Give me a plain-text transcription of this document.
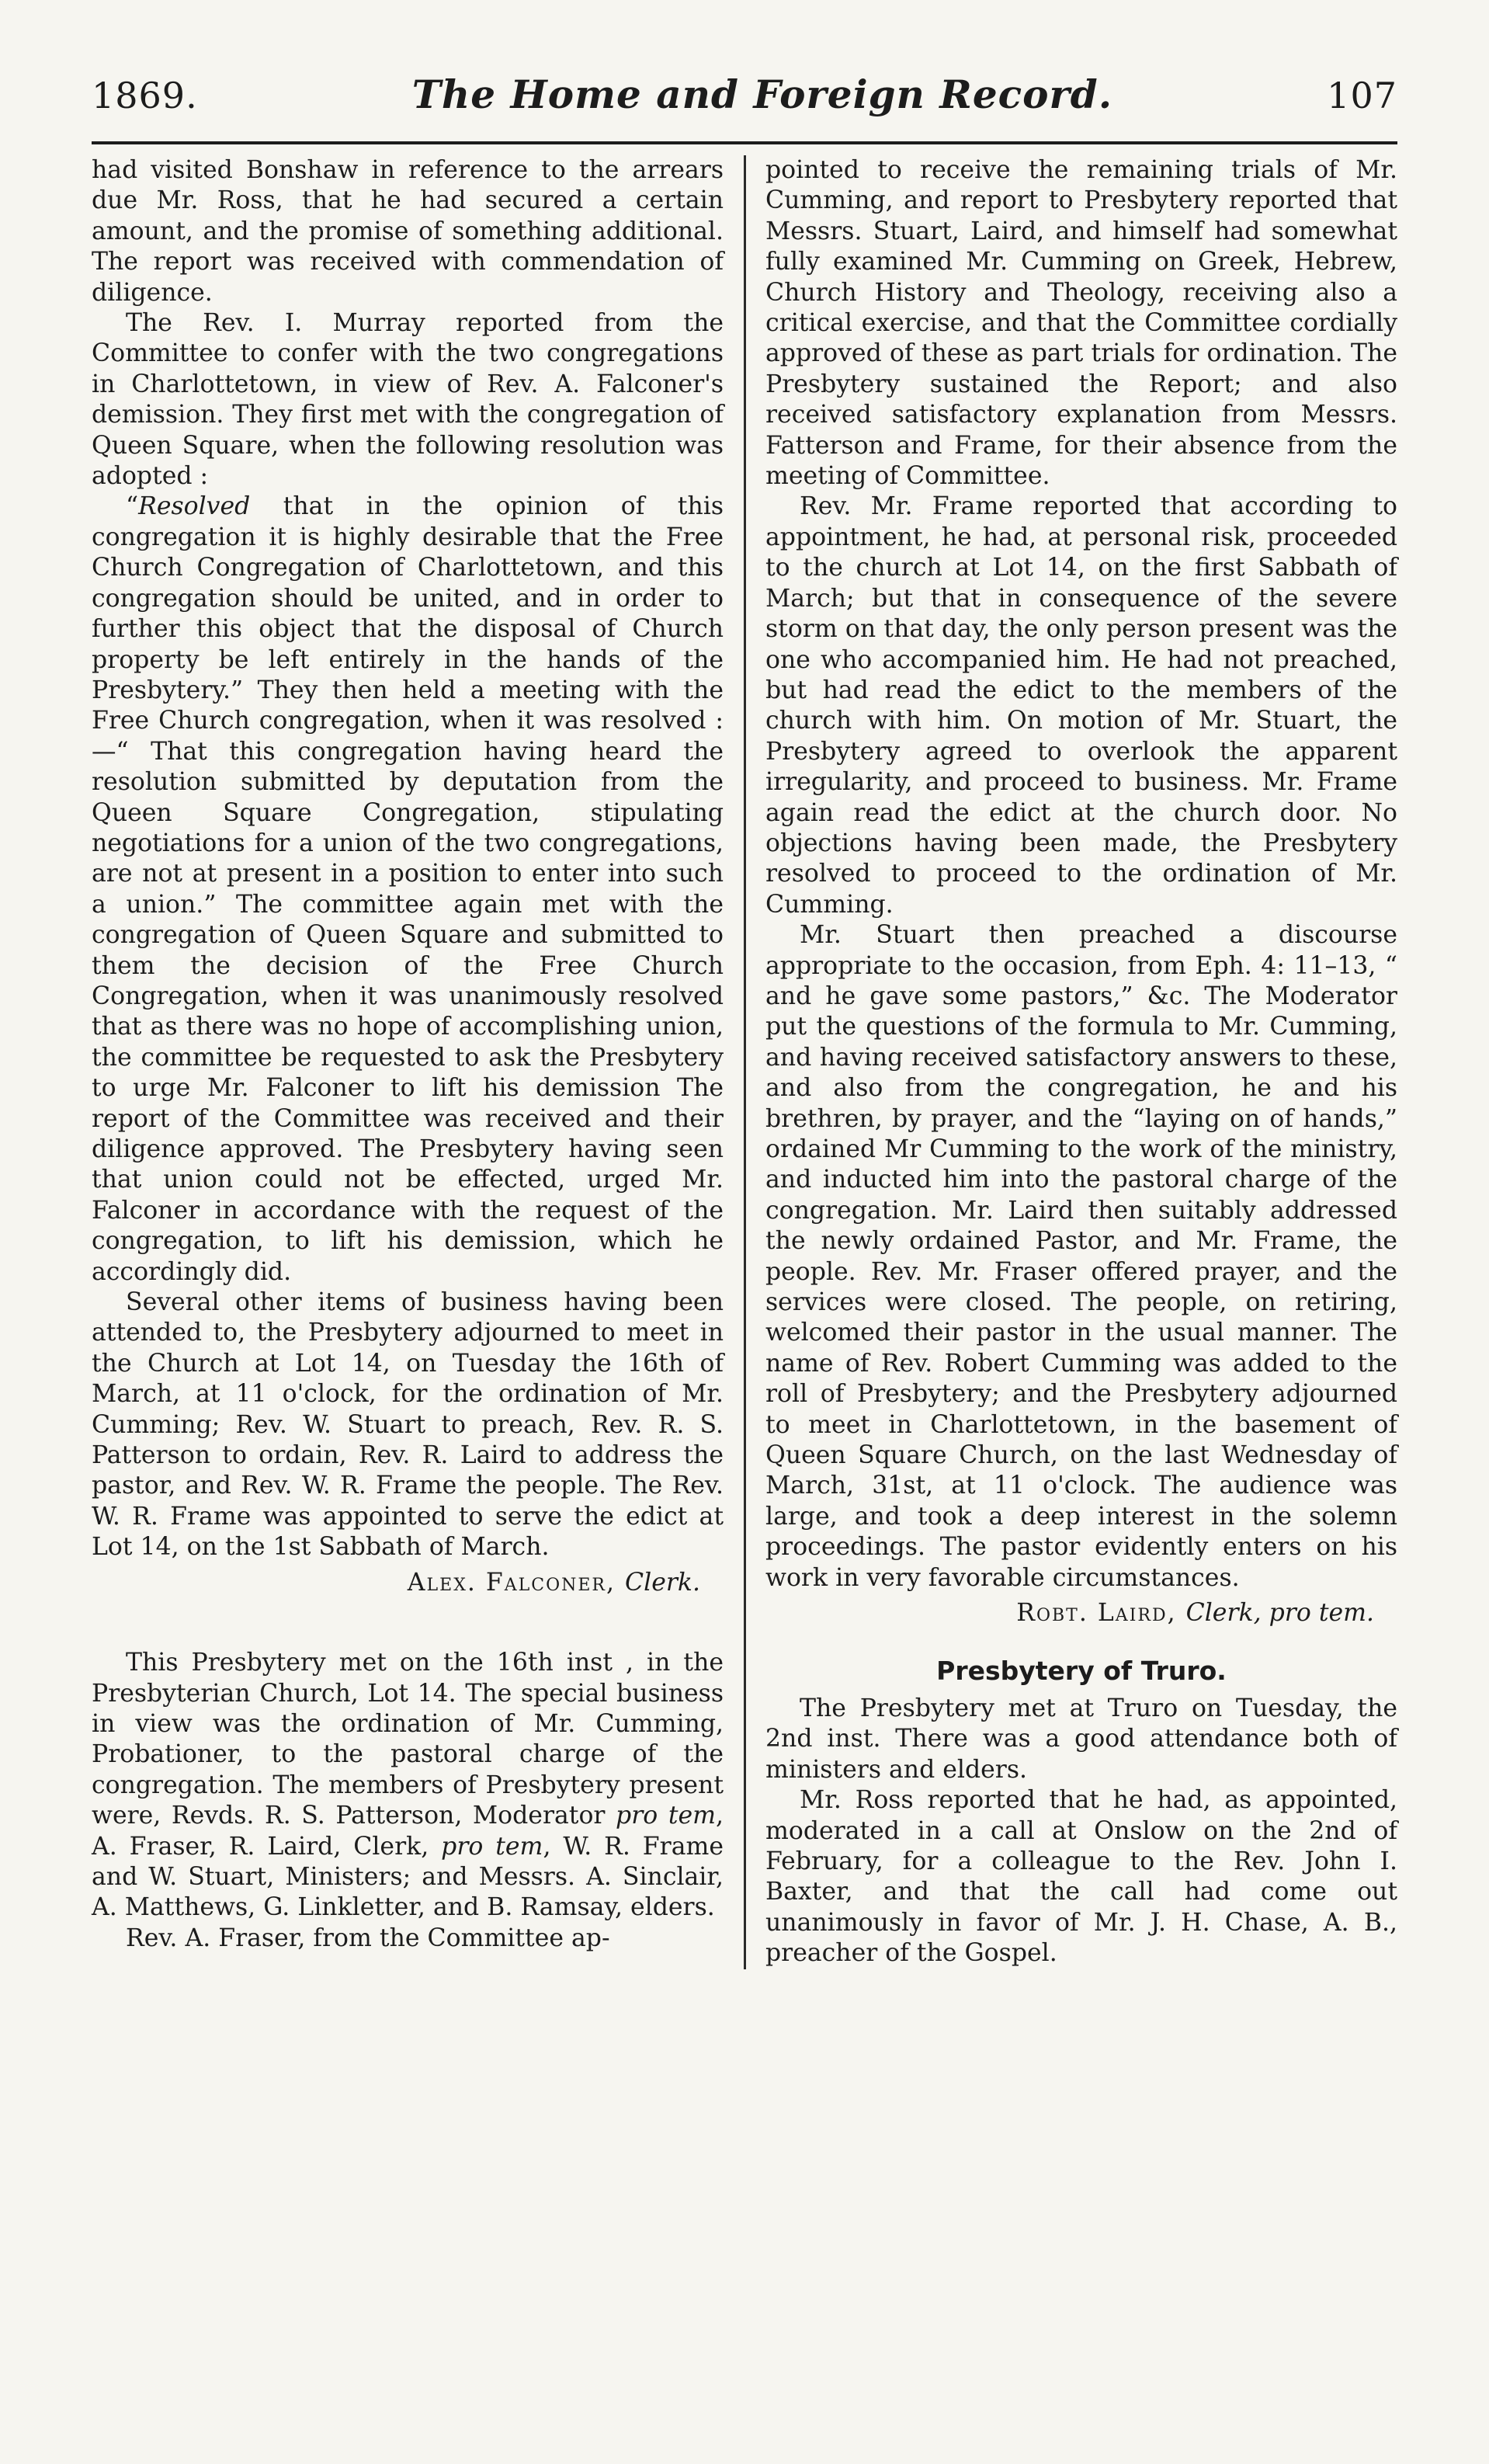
1869.	The Home and Foreign Record.	107

had visited Bonshaw in reference to the arrears due Mr. Ross, that he had secured a certain amount, and the promise of something additional. The report was received with commendation of diligence.

The Rev. I. Murray reported from the Committee to confer with the two congregations in Charlottetown, in view of Rev. A. Falconer's demission. They first met with the congregation of Queen Square, when the following resolution was adopted :

“Resolved that in the opinion of this congregation it is highly desirable that the Free Church Congregation of Charlottetown, and this congregation should be united, and in order to further this object that the disposal of Church property be left entirely in the hands of the Presbytery.” They then held a meeting with the Free Church congregation, when it was resolved :—“ That this congregation having heard the resolution submitted by deputation from the Queen Square Congregation, stipulating negotiations for a union of the two congregations, are not at present in a position to enter into such a union.” The committee again met with the congregation of Queen Square and submitted to them the decision of the Free Church Congregation, when it was unanimously resolved that as there was no hope of accomplishing union, the committee be requested to ask the Presbytery to urge Mr. Falconer to lift his demission The report of the Committee was received and their diligence approved. The Presbytery having seen that union could not be effected, urged Mr. Falconer in accordance with the request of the congregation, to lift his demission, which he accordingly did.

Several other items of business having been attended to, the Presbytery adjourned to meet in the Church at Lot 14, on Tuesday the 16th of March, at 11 o'clock, for the ordination of Mr. Cumming; Rev. W. Stuart to preach, Rev. R. S. Patterson to ordain, Rev. R. Laird to address the pastor, and Rev. W. R. Frame the people. The Rev. W. R. Frame was appointed to serve the edict at Lot 14, on the 1st Sabbath of March.

Alex. Falconer, Clerk.

This Presbytery met on the 16th inst , in the Presbyterian Church, Lot 14. The special business in view was the ordination of Mr. Cumming, Probationer, to the pastoral charge of the congregation. The members of Presbytery present were, Revds. R. S. Patterson, Moderator pro tem, A. Fraser, R. Laird, Clerk, pro tem, W. R. Frame and W. Stuart, Ministers; and Messrs. A. Sinclair, A. Matthews, G. Linkletter, and B. Ramsay, elders.

Rev. A. Fraser, from the Committee ap-

pointed to receive the remaining trials of Mr. Cumming, and report to Presbytery reported that Messrs. Stuart, Laird, and himself had somewhat fully examined Mr. Cumming on Greek, Hebrew, Church History and Theology, receiving also a critical exercise, and that the Committee cordially approved of these as part trials for ordination. The Presbytery sustained the Report; and also received satisfactory explanation from Messrs. Fatterson and Frame, for their absence from the meeting of Committee.

Rev. Mr. Frame reported that according to appointment, he had, at personal risk, proceeded to the church at Lot 14, on the first Sabbath of March; but that in consequence of the severe storm on that day, the only person present was the one who accompanied him. He had not preached, but had read the edict to the members of the church with him. On motion of Mr. Stuart, the Presbytery agreed to overlook the apparent irregularity, and proceed to business. Mr. Frame again read the edict at the church door. No objections having been made, the Presbytery resolved to proceed to the ordination of Mr. Cumming.

Mr. Stuart then preached a discourse appropriate to the occasion, from Eph. 4: 11–13, “ and he gave some pastors,” &c. The Moderator put the questions of the formula to Mr. Cumming, and having received satisfactory answers to these, and also from the congregation, he and his brethren, by prayer, and the “laying on of hands,” ordained Mr Cumming to the work of the ministry, and inducted him into the pastoral charge of the congregation. Mr. Laird then suitably addressed the newly ordained Pastor, and Mr. Frame, the people. Rev. Mr. Fraser offered prayer, and the services were closed. The people, on retiring, welcomed their pastor in the usual manner. The name of Rev. Robert Cumming was added to the roll of Presbytery; and the Presbytery adjourned to meet in Charlottetown, in the basement of Queen Square Church, on the last Wednesday of March, 31st, at 11 o'clock. The audience was large, and took a deep interest in the solemn proceedings. The pastor evidently enters on his work in very favorable circumstances.

Robt. Laird, Clerk, pro tem.
Presbytery of Truro.

The Presbytery met at Truro on Tuesday, the 2nd inst. There was a good attendance both of ministers and elders.

Mr. Ross reported that he had, as appointed, moderated in a call at Onslow on the 2nd of February, for a colleague to the Rev. John I. Baxter, and that the call had come out unanimously in favor of Mr. J. H. Chase, A. B., preacher of the Gospel.
